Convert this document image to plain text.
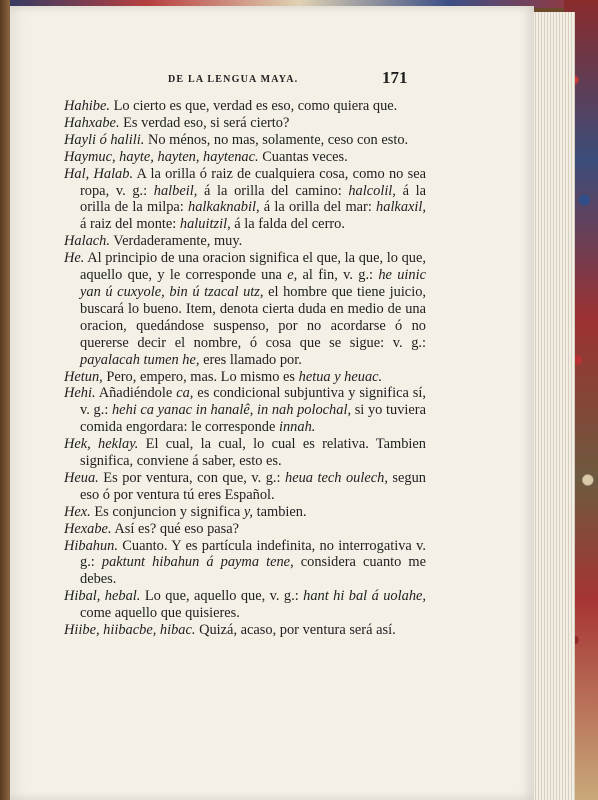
DE LA LENGUA MAYA.	171

Hahibe. Lo cierto es que, verdad es eso, como quiera que.

Hahxabe. Es verdad eso, si será cierto?

Hayli ó halili. No ménos, no mas, solamente, ceso con esto.

Haymuc, hayte, hayten, haytenac. Cuantas veces.

Hal, Halab. A la orilla ó raiz de cualquiera cosa, como no sea ropa, v. g.: halbeil, á la orilla del camino: halcolil, á la orilla de la milpa: halkaknabil, á la orilla del mar: halkaxil, á raiz del monte: haluitzil, á la falda del cerro.

Halach. Verdaderamente, muy.

He. Al principio de una oracion significa el que, la que, lo que, aquello que, y le corresponde una e, al fin, v. g.: he uinic yan ú cuxyole, bin ú tzacal utz, el hombre que tiene juicio, buscará lo bueno. Item, denota cierta duda en medio de una oracion, quedándose suspenso, por no acordarse ó no quererse decir el nombre, ó cosa que se sigue: v. g.: payalacah tumen he, eres llamado por.

Hetun, Pero, empero, mas. Lo mismo es hetua y heuac.

Hehi. Añadiéndole ca, es condicional subjuntiva y significa sí, v. g.: hehi ca yanac in hanalê, in nah polochal, si yo tuviera comida engordara: le corresponde innah.

Hek, heklay. El cual, la cual, lo cual es relativa. Tambien significa, conviene á saber, esto es.

Heua. Es por ventura, con que, v. g.: heua tech oulech, segun eso ó por ventura tú eres Español.

Hex. Es conjuncion y significa y, tambien.

Hexabe. Así es? qué eso pasa?

Hibahun. Cuanto. Y es partícula indefinita, no interrogativa v. g.: paktunt hibahun á payma tene, considera cuanto me debes.

Hibal, hebal. Lo que, aquello que, v. g.: hant hi bal á uolahe, come aquello que quisieres.

Hiibe, hiibacbe, hibac. Quizá, acaso, por ventura será así.
